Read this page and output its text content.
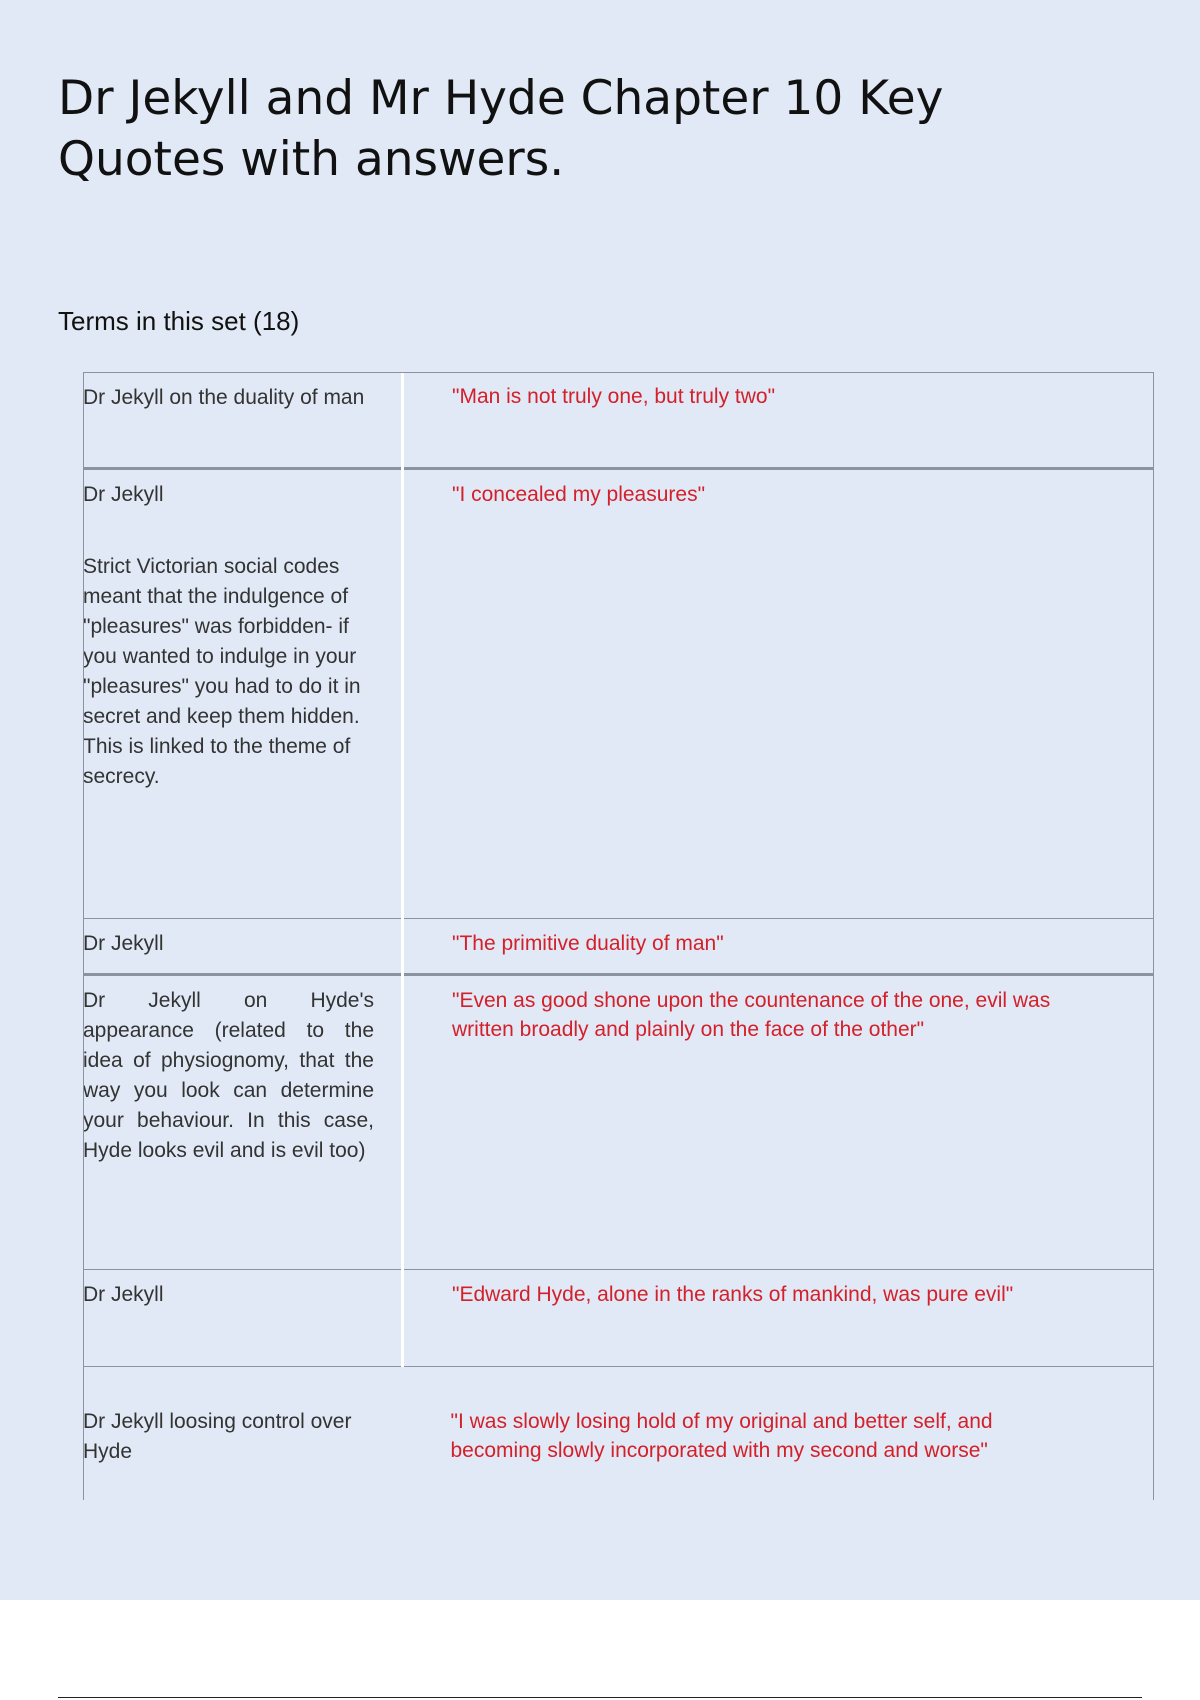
Dr Jekyll and Mr Hyde Chapter 10 Key Quotes with answers.
Terms in this set (18)
Dr Jekyll on the duality of man	"Man is not truly one, but truly two"

Dr Jekyll
Strict Victorian social codes meant that the indulgence of "pleasures" was forbidden- if you wanted to indulge in your "pleasures" you had to do it in secret and keep them hidden. This is linked to the theme of secrecy.	"I concealed my pleasures"

Dr Jekyll	"The primitive duality of man"

Dr Jekyll on Hyde's appearance (related to the idea of physiognomy, that the way you look can determine your behaviour. In this case, Hyde looks evil and is evil too)	"Even as good shone upon the countenance of the one, evil was written broadly and plainly on the face of the other"

Dr Jekyll	"Edward Hyde, alone in the ranks of mankind, was pure evil"

Dr Jekyll loosing control over Hyde	"I was slowly losing hold of my original and better self, and becoming slowly incorporated with my second and worse"
